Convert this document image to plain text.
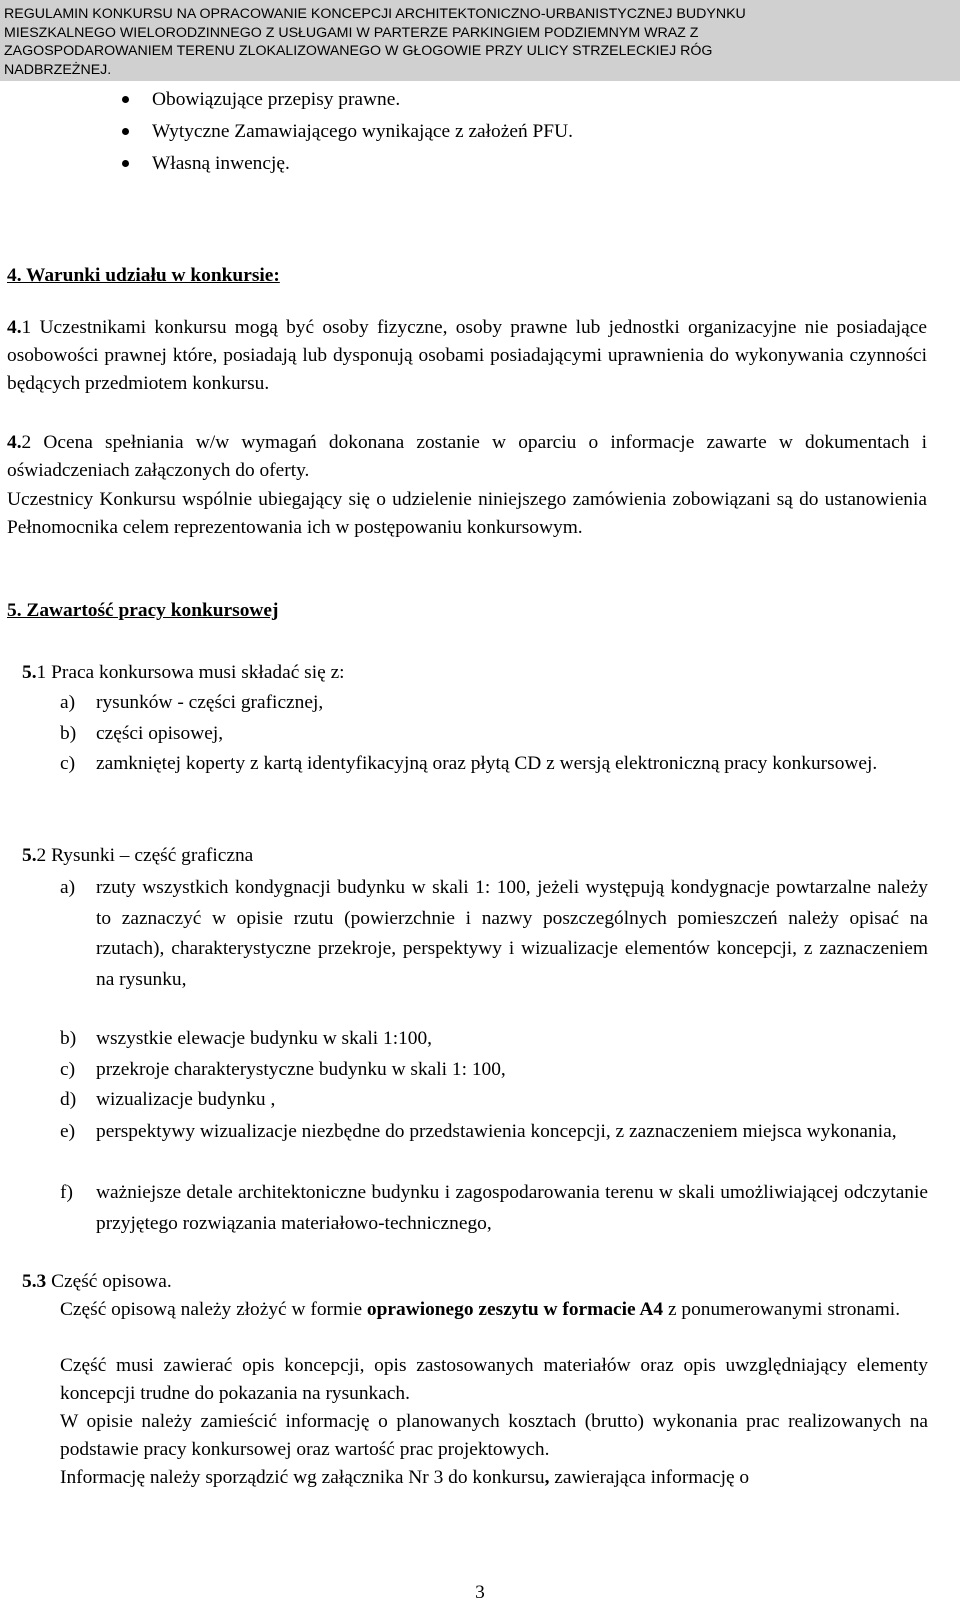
REGULAMIN KONKURSU NA OPRACOWANIE KONCEPCJI ARCHITEKTONICZNO-URBANISTYCZNEJ BUDYNKU
MIESZKALNEGO WIELORODZINNEGO Z USŁUGAMI W PARTERZE PARKINGIEM PODZIEMNYM WRAZ Z
ZAGOSPODAROWANIEM TERENU ZLOKALIZOWANEGO W GŁOGOWIE PRZY ULICY STRZELECKIEJ RÓG
NADBRZEŻNEJ.
Obowiązujące przepisy prawne.
Wytyczne Zamawiającego wynikające z założeń PFU.
Własną inwencję.
4. Warunki udziału w konkursie:
4.1 Uczestnikami konkursu mogą być osoby fizyczne, osoby prawne lub jednostki organizacyjne nie posiadające osobowości prawnej które, posiadają lub dysponują osobami posiadającymi uprawnienia do wykonywania czynności będących przedmiotem konkursu.
4.2 Ocena spełniania w/w wymagań dokonana zostanie w oparciu o informacje zawarte w dokumentach i oświadczeniach załączonych do oferty.
Uczestnicy Konkursu wspólnie ubiegający się o udzielenie niniejszego zamówienia zobowiązani są do ustanowienia Pełnomocnika celem reprezentowania ich w postępowaniu konkursowym.
5. Zawartość pracy konkursowej
5.1 Praca konkursowa musi składać się z:
a)	rysunków - części graficznej,
b)	części opisowej,
c)	zamkniętej koperty z kartą identyfikacyjną oraz płytą CD z wersją elektroniczną pracy konkursowej.
5.2 Rysunki – część graficzna
a)	rzuty wszystkich kondygnacji budynku w skali 1: 100, jeżeli występują kondygnacje powtarzalne należy to zaznaczyć w opisie rzutu (powierzchnie i nazwy poszczególnych pomieszczeń należy opisać na rzutach), charakterystyczne przekroje, perspektywy i wizualizacje elementów koncepcji, z zaznaczeniem na rysunku,
b)	wszystkie elewacje budynku w skali 1:100,
c)	przekroje charakterystyczne budynku w skali 1: 100,
d)	wizualizacje budynku ,
e)	perspektywy wizualizacje niezbędne do przedstawienia koncepcji, z zaznaczeniem miejsca wykonania,
f)	ważniejsze detale architektoniczne budynku i zagospodarowania terenu w skali umożliwiającej odczytanie przyjętego rozwiązania materiałowo-technicznego,
5.3 Część opisowa.
Część opisową należy złożyć w formie oprawionego zeszytu w formacie A4 z ponumerowanymi stronami.
Część musi zawierać opis koncepcji, opis zastosowanych materiałów oraz opis uwzględniający elementy koncepcji trudne do pokazania na rysunkach.
W opisie należy zamieścić informację o planowanych kosztach (brutto) wykonania prac realizowanych na podstawie pracy konkursowej oraz wartość prac projektowych.
Informację należy sporządzić wg załącznika Nr 3 do konkursu, zawierająca informację o
3
